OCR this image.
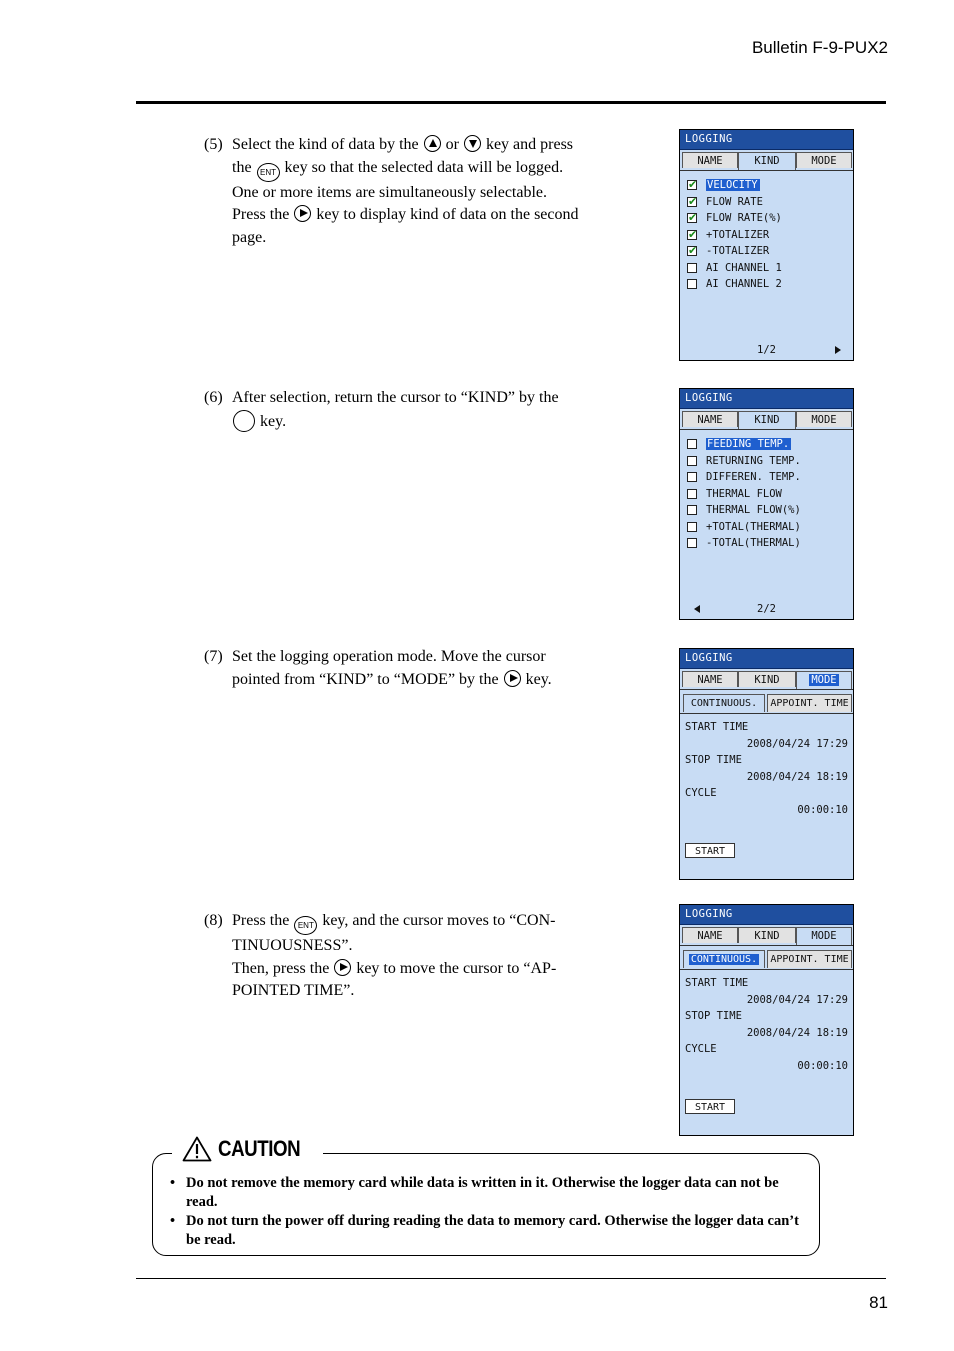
Bulletin F-9-PUX2
(5) Select the kind of data by the or key and press

the ENT key so that the selected data will be logged.

One or more items are simultaneously selectable.

Press the key to display kind of data on the second

page.

LOGGING
NAME	KIND	MODE
✔
VELOCITY
✔
FLOW RATE
✔
FLOW RATE(%)
✔
+TOTALIZER
✔
-TOTALIZER
AI CHANNEL 1
AI CHANNEL 2
1/2
(6) After selection, return the cursor to “KIND” by the

key.

LOGGING
NAME	KIND	MODE
FEEDING TEMP.
RETURNING TEMP.
DIFFEREN. TEMP.
THERMAL FLOW
THERMAL FLOW(%)
+TOTAL(THERMAL)
-TOTAL(THERMAL)
2/2
(7) Set the logging operation mode. Move the cursor

pointed from “KIND” to “MODE” by the key.

LOGGING
NAME	KIND	MODE
CONTINUOUS.	APPOINT. TIME
START TIME
2008/04/24 17:29
STOP TIME
2008/04/24 18:19
CYCLE
00:00:10
START
(8) Press the ENT key, and the cursor moves to “CON-

TINUOUSNESS”.

Then, press the key to move the cursor to “AP-

POINTED TIME”.

LOGGING
NAME	KIND	MODE
CONTINUOUS.	APPOINT. TIME
START TIME
2008/04/24 17:29
STOP TIME
2008/04/24 18:19
CYCLE
00:00:10
START
CAUTION
• Do not remove the memory card while data is written in it. Otherwise the logger data can not be read.
• Do not turn the power off during reading the data to memory card. Otherwise the logger data can’t be read.
81
